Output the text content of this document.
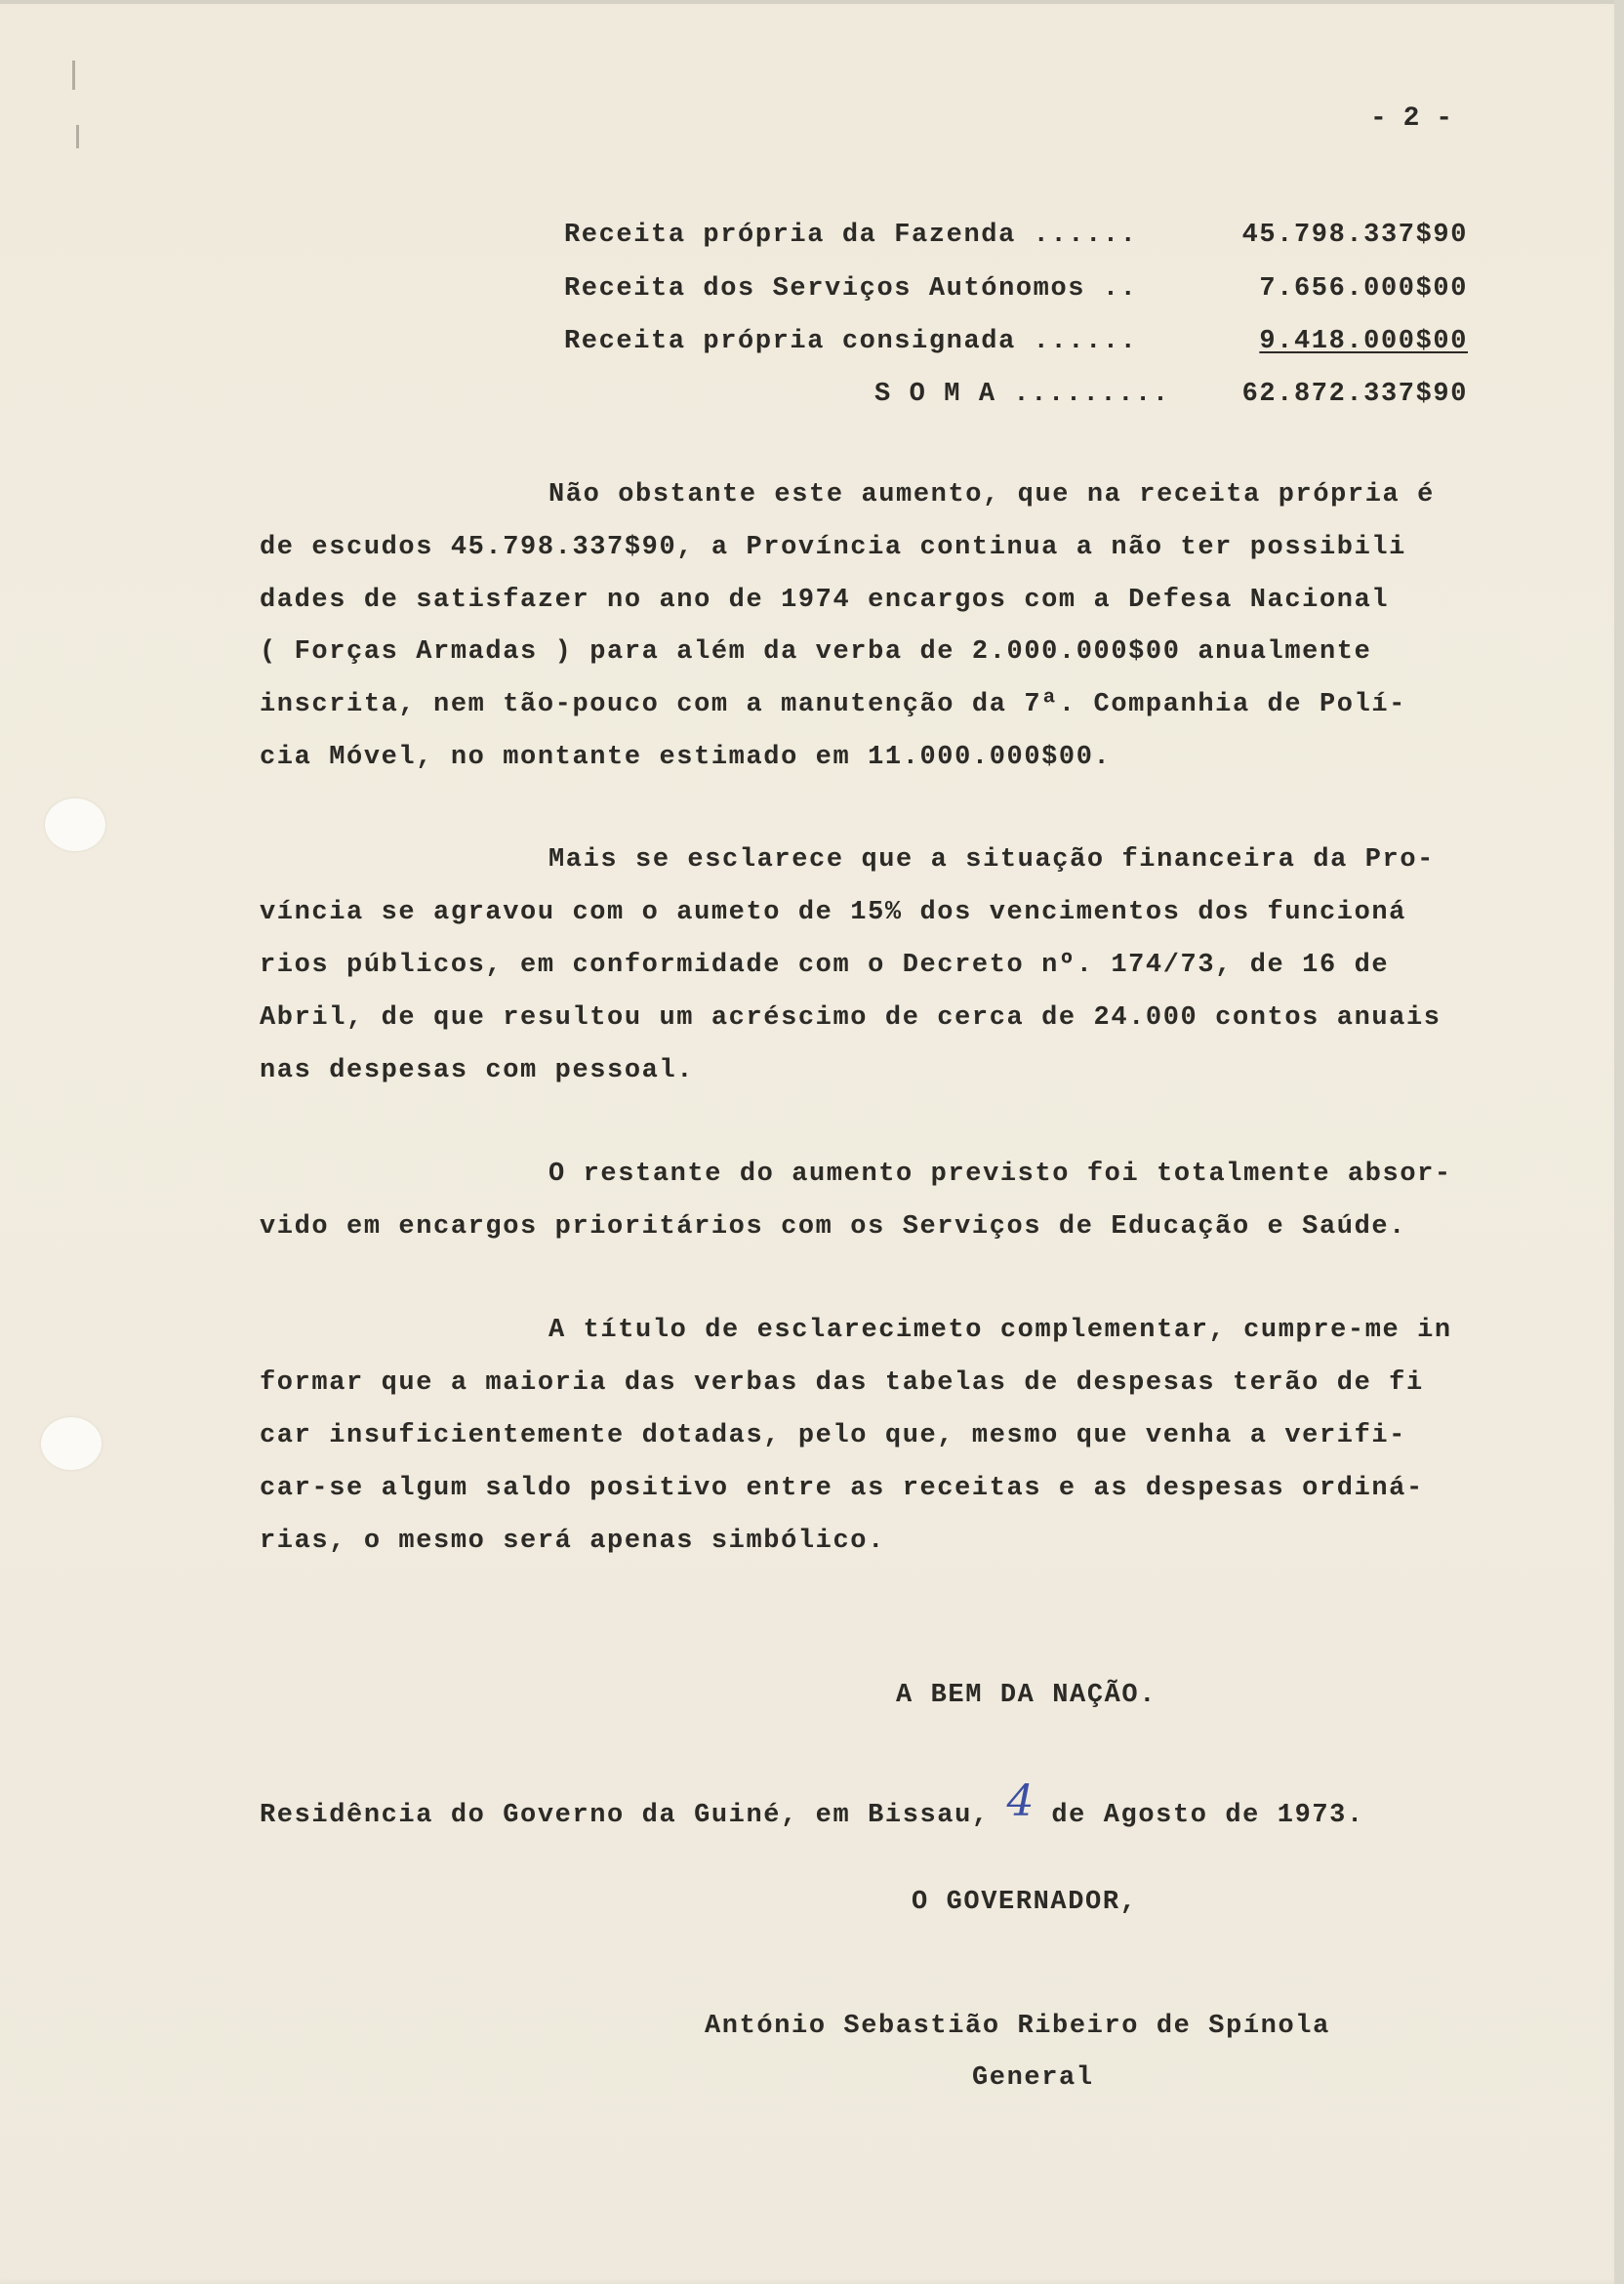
- 2 -
Receita própria da Fazenda ......	45.798.337$90
Receita dos Serviços Autónomos ..	7.656.000$00
Receita própria consignada ......	9.418.000$00
S O M A .........	62.872.337$90
Não obstante este aumento, que na receita própria é
de escudos 45.798.337$90, a Província continua a não ter possibili
dades de satisfazer no ano de 1974 encargos com a Defesa Nacional
( Forças Armadas ) para além da verba de 2.000.000$00 anualmente
inscrita, nem tão-pouco com a manutenção da 7ª. Companhia de Polí-
cia Móvel, no montante estimado em 11.000.000$00.
Mais se esclarece que a situação financeira da Pro-
víncia se agravou com o aumeto de 15% dos vencimentos dos funcioná
rios públicos, em conformidade com o Decreto nº. 174/73, de 16 de
Abril, de que resultou um acréscimo de cerca de 24.000 contos anuais
nas despesas com pessoal.
O restante do aumento previsto foi totalmente absor-
vido em encargos prioritários com os Serviços de Educação e Saúde.
A título de esclarecimeto complementar, cumpre-me in
formar que a maioria das verbas das tabelas de despesas terão de fi
car insuficientemente dotadas, pelo que, mesmo que venha a verifi-
car-se algum saldo positivo entre as receitas e as despesas ordiná-
rias, o mesmo será apenas simbólico.
A BEM DA NAÇÃO.
Residência do Governo da Guiné, em Bissau, 4 de Agosto de 1973.
O GOVERNADOR,
António Sebastião Ribeiro de Spínola
General
